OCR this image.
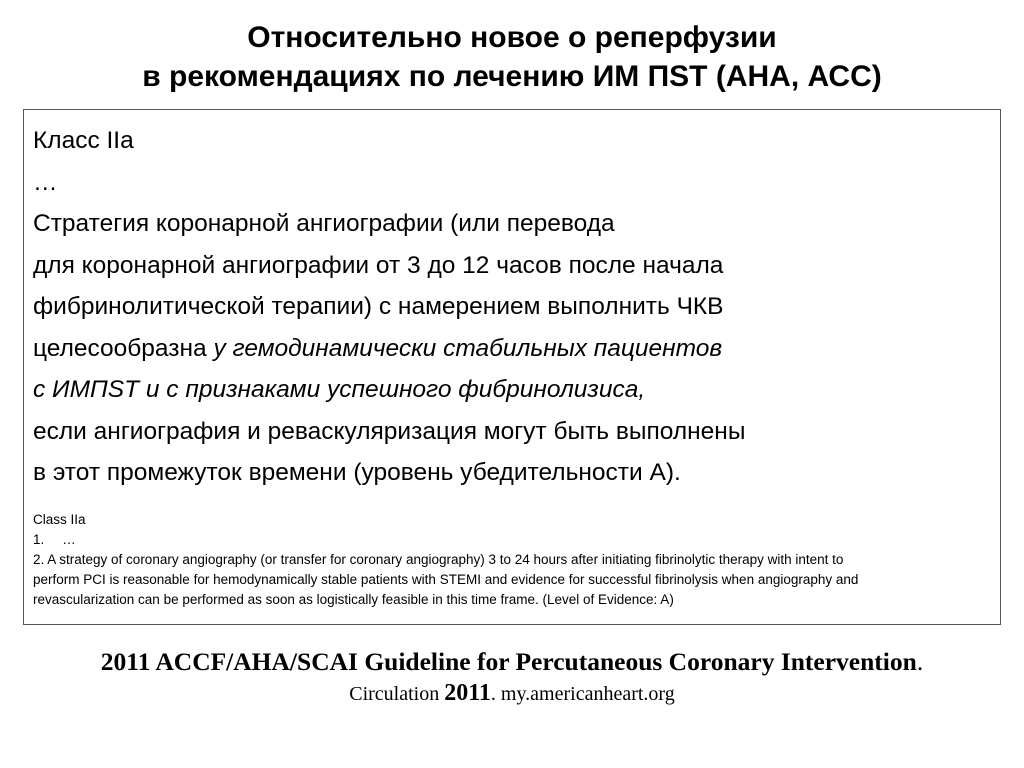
Относительно новое о реперфузии
в рекомендациях по лечению ИМ ПST (АНА, АСС)
Класс IIa
…
Стратегия коронарной ангиографии (или перевода
для коронарной ангиографии от 3 до 12 часов после начала
фибринолитической терапии) с намерением выполнить ЧКВ
целесообразна у гемодинамически стабильных пациентов
с ИМПST и с признаками успешного фибринолизиса,
если ангиография и реваскуляризация могут быть выполнены
в этот промежуток времени (уровень убедительности А).
Class IIa
1. …
2. A strategy of coronary angiography (or transfer for coronary angiography) 3 to 24 hours after initiating fibrinolytic therapy with intent to
perform PCI is reasonable for hemodynamically stable patients with STEMI and evidence for successful fibrinolysis when angiography and
revascularization can be performed as soon as logistically feasible in this time frame. (Level of Evidence: A)
2011 ACCF/AHA/SCAI Guideline for Percutaneous Coronary Intervention.
Circulation 2011. my.americanheart.org
